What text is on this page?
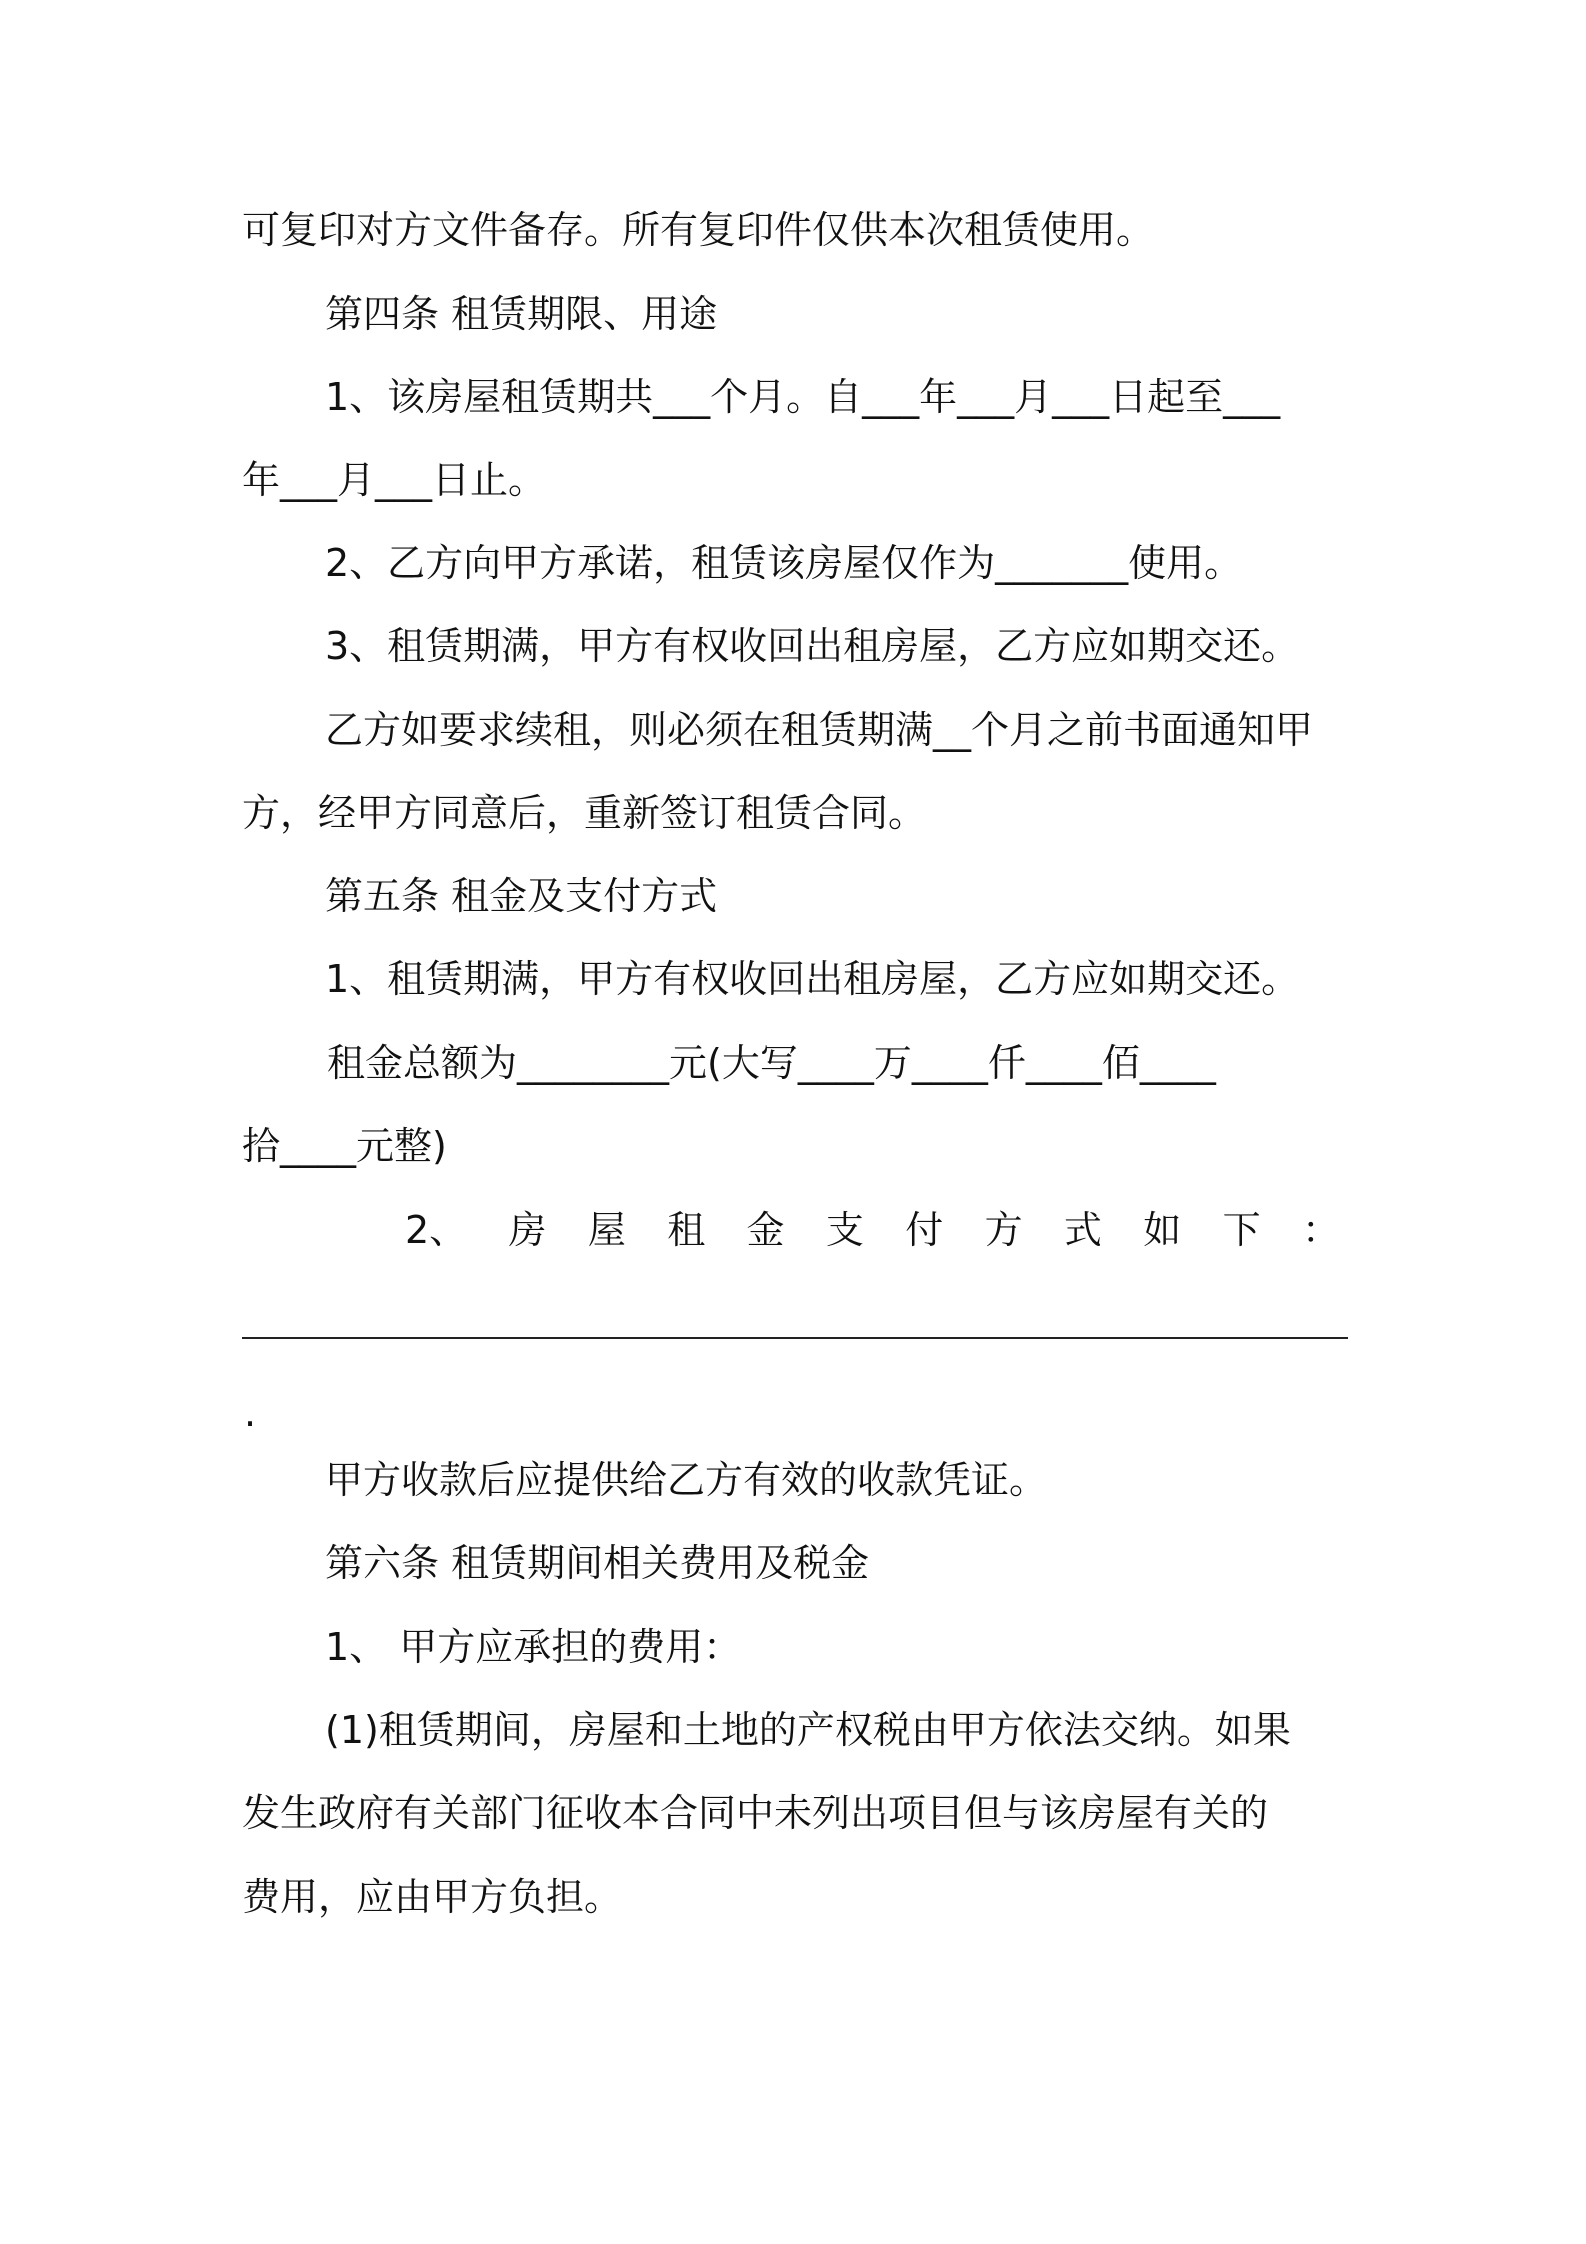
可复印对方文件备存。所有复印件仅供本次租赁使用。
第四条 租赁期限、用途
1、该房屋租赁期共___个月。自___年___月___日起至___
年___月___日止。
2、乙方向甲方承诺，租赁该房屋仅作为_______使用。
3、租赁期满，甲方有权收回出租房屋，乙方应如期交还。
乙方如要求续租，则必须在租赁期满__个月之前书面通知甲
方，经甲方同意后，重新签订租赁合同。
第五条 租金及支付方式
1、租赁期满，甲方有权收回出租房屋，乙方应如期交还。
租金总额为________元(大写____万____仟____佰____
拾____元整)
2、 房 屋 租 金 支 付 方 式 如 下 ：
.
甲方收款后应提供给乙方有效的收款凭证。
第六条 租赁期间相关费用及税金
1、 甲方应承担的费用：
(1)租赁期间，房屋和土地的产权税由甲方依法交纳。如果
发生政府有关部门征收本合同中未列出项目但与该房屋有关的
费用，应由甲方负担。
